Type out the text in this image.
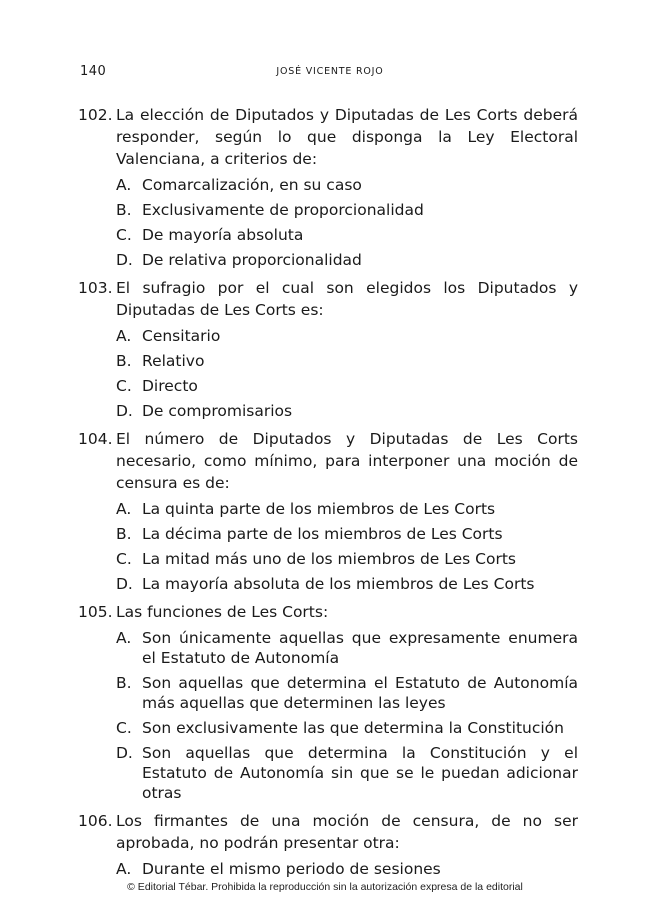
140	JOSÉ VICENTE ROJO
102. La elección de Diputados y Diputadas de Les Corts deberá responder, según lo que disponga la Ley Electoral Valenciana, a criterios de:
A. Comarcalización, en su caso
B. Exclusivamente de proporcionalidad
C. De mayoría absoluta
D. De relativa proporcionalidad
103. El sufragio por el cual son elegidos los Diputados y Diputadas de Les Corts es:
A. Censitario
B. Relativo
C. Directo
D. De compromisarios
104. El número de Diputados y Diputadas de Les Corts necesario, como mínimo, para interponer una moción de censura es de:
A. La quinta parte de los miembros de Les Corts
B. La décima parte de los miembros de Les Corts
C. La mitad más uno de los miembros de Les Corts
D. La mayoría absoluta de los miembros de Les Corts
105. Las funciones de Les Corts:
A. Son únicamente aquellas que expresamente enumera el Estatuto de Autonomía
B. Son aquellas que determina el Estatuto de Autonomía más aquellas que determinen las leyes
C. Son exclusivamente las que determina la Constitución
D. Son aquellas que determina la Constitución y el Estatuto de Autonomía sin que se le puedan adicionar otras
106. Los firmantes de una moción de censura, de no ser aprobada, no podrán presentar otra:
A. Durante el mismo periodo de sesiones
© Editorial Tébar. Prohibida la reproducción sin la autorización expresa de la editorial
